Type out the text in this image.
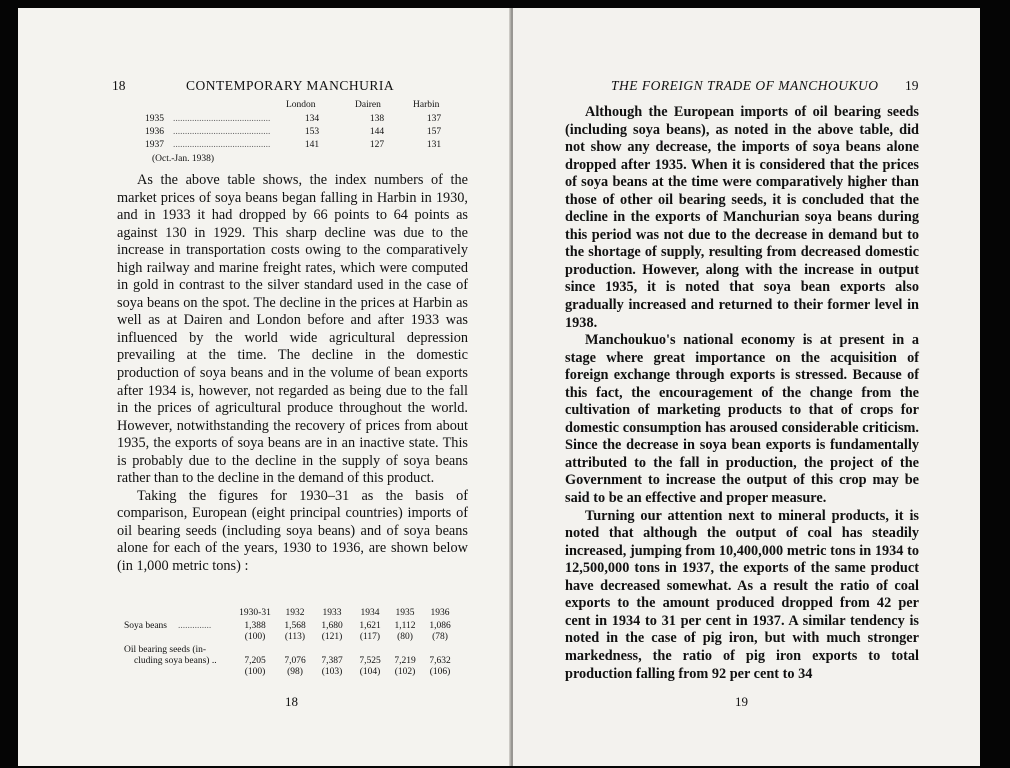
18	CONTEMPORARY MANCHURIA
London	Dairen	Harbin
1935 .........................................	134	138	137
1936 .........................................	153	144	157
1937 .........................................	141	127	131
(Oct.-Jan. 1938)

As the above table shows, the index numbers of the market prices of soya beans began falling in Harbin in 1930, and in 1933 it had dropped by 66 points to 64 points as against 130 in 1929. This sharp decline was due to the increase in transportation costs owing to the comparatively high railway and marine freight rates, which were computed in gold in contrast to the silver standard used in the case of soya beans on the spot. The decline in the prices at Harbin as well as at Dairen and London before and after 1933 was influenced by the world wide agricultural depression prevailing at the time. The decline in the domestic production of soya beans and in the volume of bean exports after 1934 is, however, not regarded as being due to the fall in the prices of agricultural produce throughout the world. However, notwithstanding the recovery of prices from about 1935, the exports of soya beans are in an inactive state. This is probably due to the decline in the supply of soya beans rather than to the decline in the demand of this product.

Taking the figures for 1930–31 as the basis of comparison, European (eight principal countries) imports of oil bearing seeds (including soya beans) and of soya beans alone for each of the years, 1930 to 1936, are shown below (in 1,000 metric tons) :

1930-31	1932	1933	1934	1935	1936
Soya beans ..............	1,388	1,568	1,680	1,621	1,112	1,086
(100)	(113)	(121)	(117)	(80)	(78)
Oil bearing seeds (in-
cluding soya beans) ..	7,205	7,076	7,387	7,525	7,219	7,632
(100)	(98)	(103)	(104)	(102)	(106)
18
THE FOREIGN TRADE OF MANCHOUKUO 19

Although the European imports of oil bearing seeds (including soya beans), as noted in the above table, did not show any decrease, the imports of soya beans alone dropped after 1935. When it is considered that the prices of soya beans at the time were comparatively higher than those of other oil bearing seeds, it is concluded that the decline in the exports of Manchurian soya beans during this period was not due to the decrease in demand but to the shortage of supply, resulting from decreased domestic production. However, along with the increase in output since 1935, it is noted that soya bean exports also gradually increased and returned to their former level in 1938.

Manchoukuo's national economy is at present in a stage where great importance on the acquisition of foreign exchange through exports is stressed. Because of this fact, the encouragement of the change from the cultivation of marketing products to that of crops for domestic consumption has aroused considerable criticism. Since the decrease in soya bean exports is fundamentally attributed to the fall in production, the project of the Government to increase the output of this crop may be said to be an effective and proper measure.

Turning our attention next to mineral products, it is noted that although the output of coal has steadily increased, jumping from 10,400,000 metric tons in 1934 to 12,500,000 tons in 1937, the exports of the same product have decreased somewhat. As a result the ratio of coal exports to the amount produced dropped from 42 per cent in 1934 to 31 per cent in 1937. A similar tendency is noted in the case of pig iron, but with much stronger markedness, the ratio of pig iron exports to total production falling from 92 per cent to 34

19
